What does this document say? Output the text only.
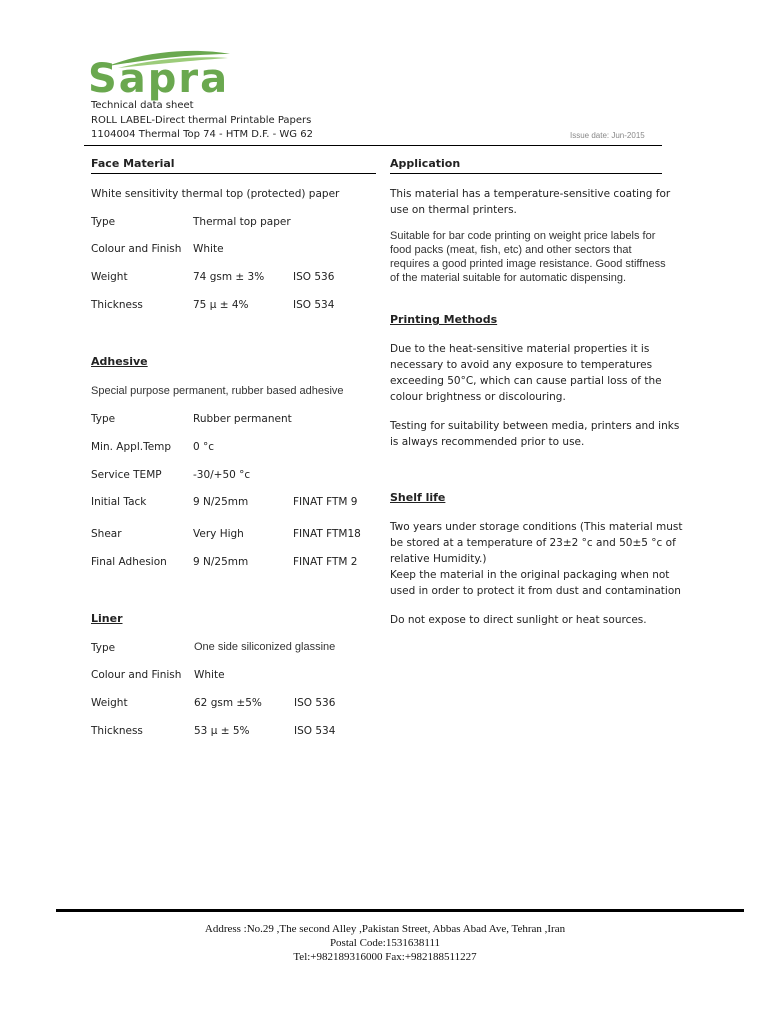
Sapra
Technical data sheet
ROLL LABEL-Direct thermal Printable Papers
1104004 Thermal Top 74 - HTM D.F. - WG 62	Issue date: Jun-2015
Face Material
White sensitivity thermal top (protected) paper
Type	Thermal top paper
Colour and Finish White
Weight	74 gsm ± 3%	ISO 536
Thickness	75 µ ± 4%	ISO 534
Adhesive
Special purpose permanent, rubber based adhesive
Type	Rubber permanent
Min. Appl.Temp 0 °c
Service TEMP	-30/+50 °c
Initial Tack	9 N/25mm	FINAT FTM 9
Shear	Very High	FINAT FTM18
Final Adhesion 9 N/25mm	FINAT FTM 2
Liner
Type	One side siliconized glassine
Colour and Finish White
Weight	62 gsm ±5%	ISO 536
Thickness	53 µ ± 5%	ISO 534
Application
This material has a temperature-sensitive coating for
use on thermal printers.
Suitable for bar code printing on weight price labels for
food packs (meat, fish, etc) and other sectors that
requires a good printed image resistance. Good stiffness
of the material suitable for automatic dispensing.
Printing Methods
Due to the heat-sensitive material properties it is
necessary to avoid any exposure to temperatures
exceeding 50°C, which can cause partial loss of the
colour brightness or discolouring.
Testing for suitability between media, printers and inks
is always recommended prior to use.
Shelf life
Two years under storage conditions (This material must
be stored at a temperature of 23±2 °c and 50±5 °c of
relative Humidity.)
Keep the material in the original packaging when not
used in order to protect it from dust and contamination
Do not expose to direct sunlight or heat sources.
Address :No.29 ,The second Alley ,Pakistan Street, Abbas Abad Ave, Tehran ,Iran
Postal Code:1531638111
Tel:+982189316000 Fax:+982188511227
